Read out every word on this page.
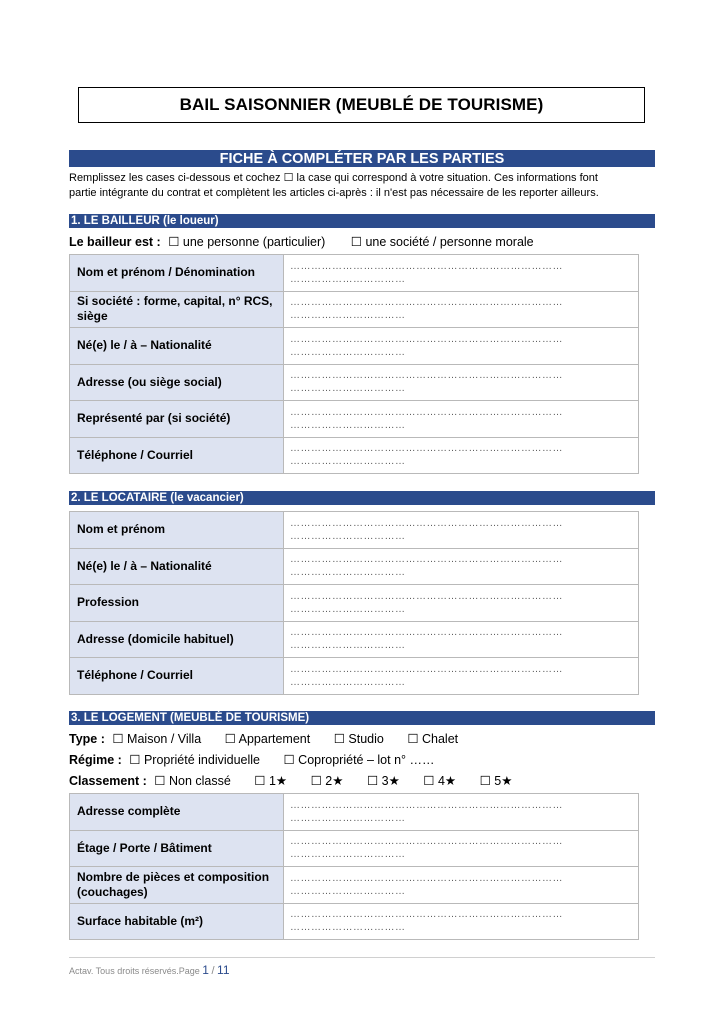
BAIL SAISONNIER (MEUBLÉ DE TOURISME)
FICHE À COMPLÉTER PAR LES PARTIES
Remplissez les cases ci-dessous et cochez ☐ la case qui correspond à votre situation. Ces informations font
partie intégrante du contrat et complètent les articles ci-après : il n'est pas nécessaire de les reporter ailleurs.
1. LE BAILLEUR (le loueur)
Le bailleur est : ☐ une personne (particulier) ☐ une société / personne morale
Nom et prénom / Dénomination	……………………………………………………………………
……………………………

Si société : forme, capital, n° RCS, siège	……………………………………………………………………
……………………………

Né(e) le / à – Nationalité	……………………………………………………………………
……………………………

Adresse (ou siège social)	……………………………………………………………………
……………………………

Représenté par (si société)	……………………………………………………………………
……………………………

Téléphone / Courriel	……………………………………………………………………
……………………………
2. LE LOCATAIRE (le vacancier)
Nom et prénom	……………………………………………………………………
……………………………

Né(e) le / à – Nationalité	……………………………………………………………………
……………………………

Profession	……………………………………………………………………
……………………………

Adresse (domicile habituel)	……………………………………………………………………
……………………………

Téléphone / Courriel	……………………………………………………………………
……………………………
3. LE LOGEMENT (MEUBLÉ DE TOURISME)
Type : ☐ Maison / Villa ☐ Appartement ☐ Studio ☐ Chalet
Régime : ☐ Propriété individuelle ☐ Copropriété – lot n° ……
Classement : ☐ Non classé ☐ 1★ ☐ 2★ ☐ 3★ ☐ 4★ ☐ 5★
Adresse complète	……………………………………………………………………
……………………………

Étage / Porte / Bâtiment	……………………………………………………………………
……………………………

Nombre de pièces et composition (couchages)	……………………………………………………………………
……………………………

Surface habitable (m²)	……………………………………………………………………
……………………………
Actav. Tous droits réservés.Page 1 / 11
